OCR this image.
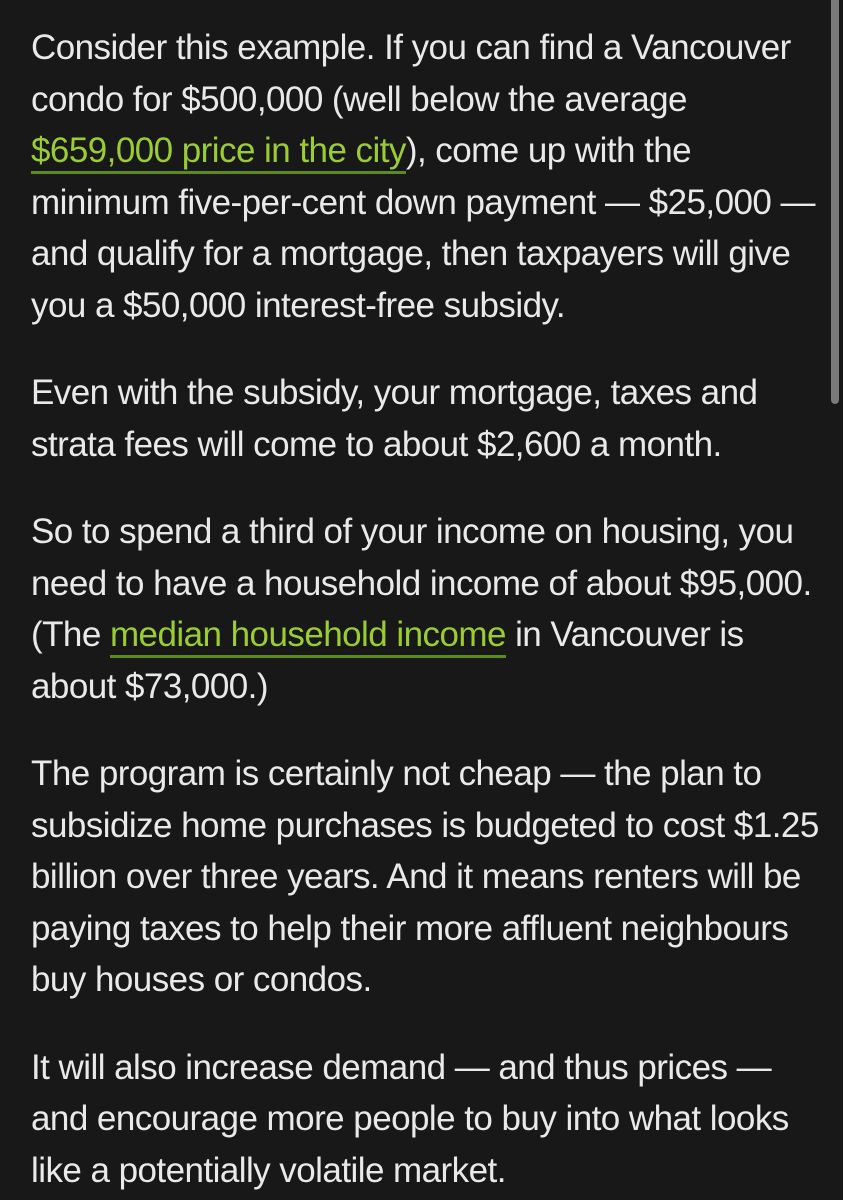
Consider this example. If you can find a Vancouver condo for $500,000 (well below the average $659,000 price in the city), come up with the minimum five-per-cent down payment — $25,000 — and qualify for a mortgage, then taxpayers will give you a $50,000 interest-free subsidy.

Even with the subsidy, your mortgage, taxes and strata fees will come to about $2,600 a month.

So to spend a third of your income on housing, you need to have a household income of about $95,000. (The median household income in Vancouver is about $73,000.)

The program is certainly not cheap — the plan to subsidize home purchases is budgeted to cost $1.25 billion over three years. And it means renters will be paying taxes to help their more affluent neighbours buy houses or condos.

It will also increase demand — and thus prices — and encourage more people to buy into what looks like a potentially volatile market.
